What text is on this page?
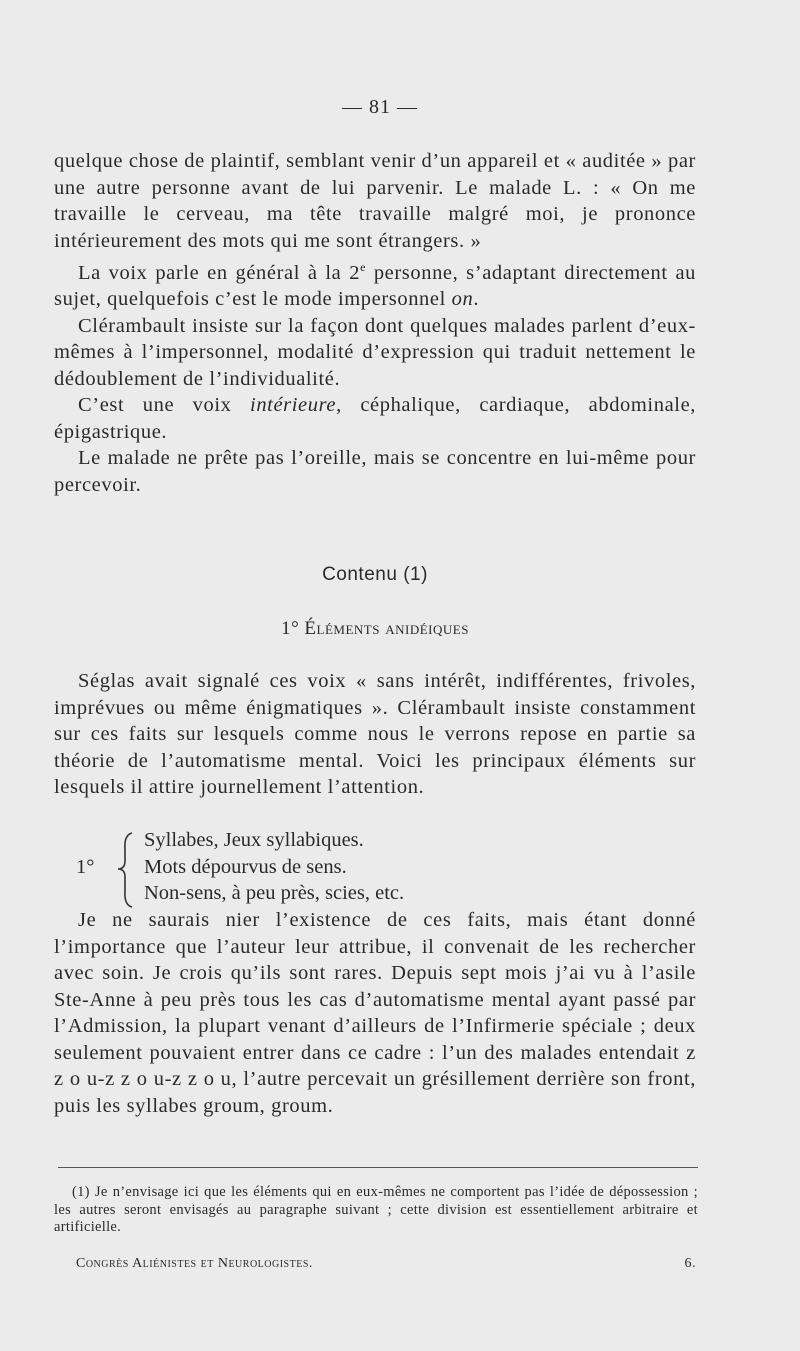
— 81 —

quelque chose de plaintif, semblant venir d’un appareil et « auditée » par une autre personne avant de lui parvenir. Le malade L. : « On me travaille le cerveau, ma tête travaille malgré moi, je prononce intérieurement des mots qui me sont étrangers. »

La voix parle en général à la 2e personne, s’adaptant directement au sujet, quelquefois c’est le mode impersonnel on.

Clérambault insiste sur la façon dont quelques malades parlent d’eux-mêmes à l’impersonnel, modalité d’expression qui traduit nettement le dédoublement de l’individualité.

C’est une voix intérieure, céphalique, cardiaque, abdominale, épigastrique.

Le malade ne prête pas l’oreille, mais se concentre en lui-même pour percevoir.

Contenu (1)
1° Éléments anidéiques

Séglas avait signalé ces voix « sans intérêt, indifférentes, frivoles, imprévues ou même énigmatiques ». Clérambault insiste constamment sur ces faits sur lesquels comme nous le verrons repose en partie sa théorie de l’automatisme mental. Voici les principaux éléments sur lesquels il attire journellement l’attention.

1°
Syllabes, Jeux syllabiques.
Mots dépourvus de sens.
Non-sens, à peu près, scies, etc.

Je ne saurais nier l’existence de ces faits, mais étant donné l’importance que l’auteur leur attribue, il convenait de les rechercher avec soin. Je crois qu’ils sont rares. Depuis sept mois j’ai vu à l’asile Ste-Anne à peu près tous les cas d’automatisme mental ayant passé par l’Admission, la plupart venant d’ailleurs de l’Infirmerie spéciale ; deux seulement pouvaient entrer dans ce cadre : l’un des malades entendait z z o u-z z o u-z z o u, l’autre percevait un grésillement derrière son front, puis les syllabes groum, groum.

(1) Je n’envisage ici que les éléments qui en eux-mêmes ne comportent pas l’idée de dépossession ; les autres seront envisagés au paragraphe suivant ; cette division est essentiellement arbitraire et artificielle.

Congrès Aliénistes et Neurologistes.	6.
